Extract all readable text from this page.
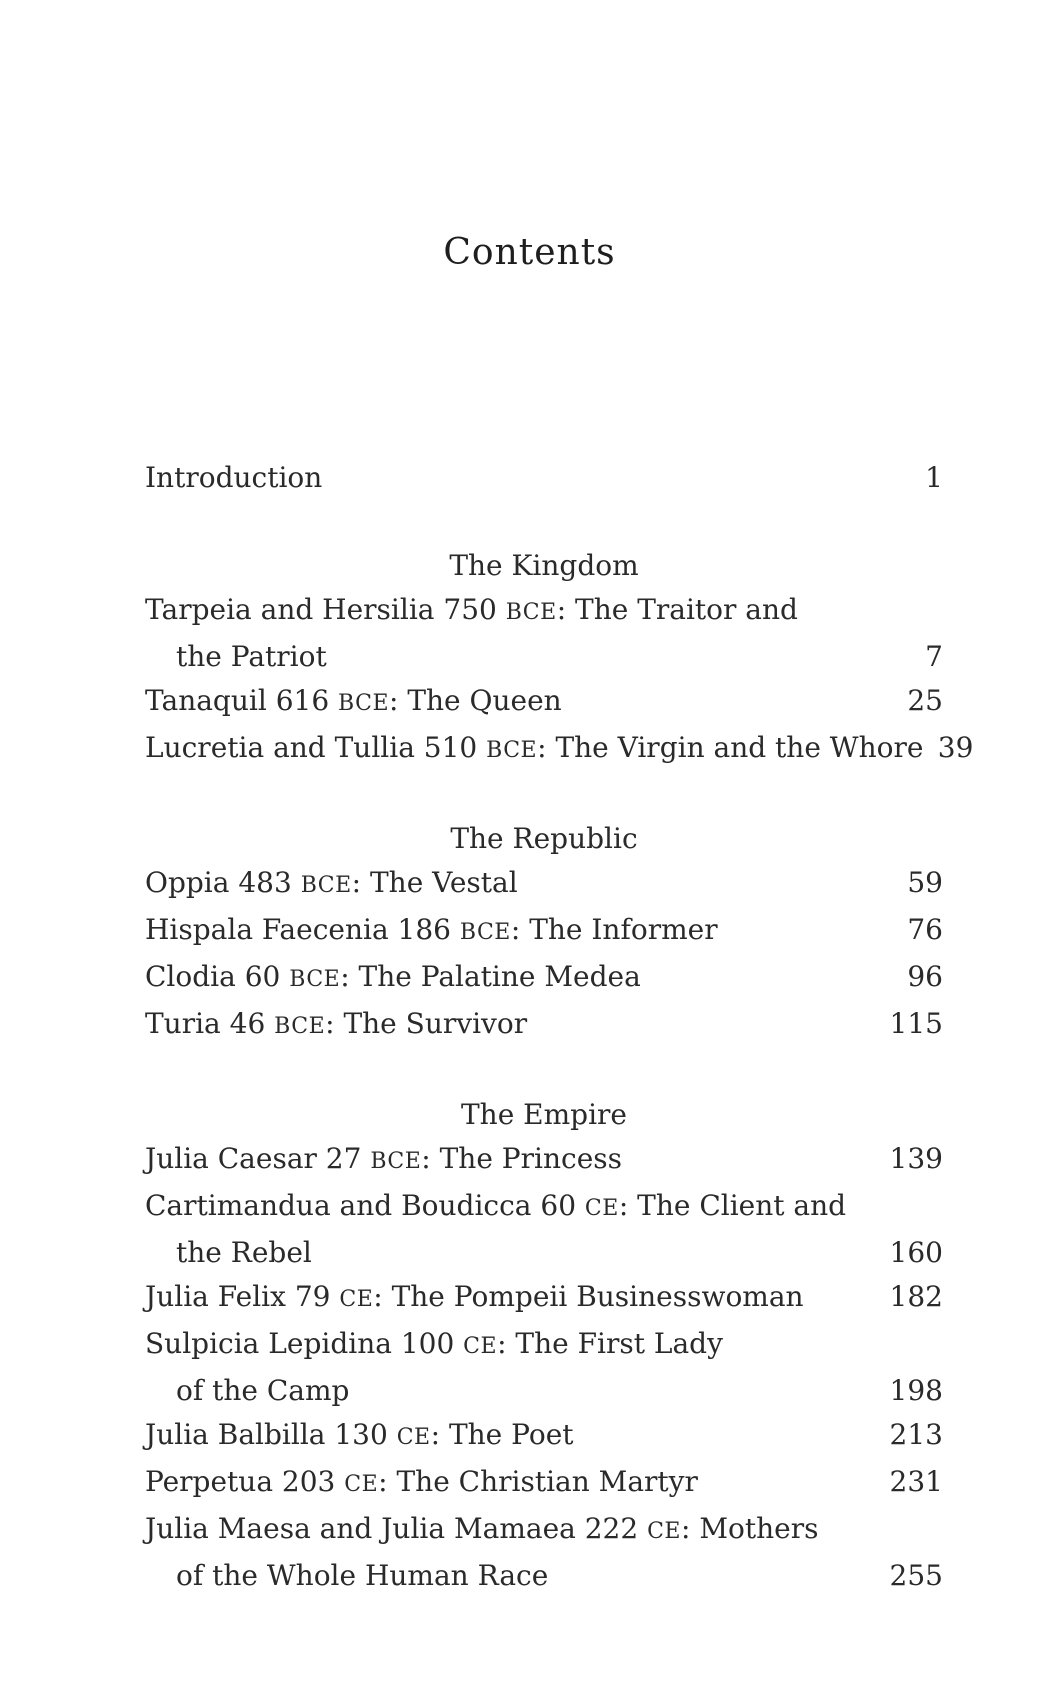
Contents
Introduction	1
The Kingdom
Tarpeia and Hersilia 750 BCE: The Traitor and
the Patriot	7
Tanaquil 616 BCE: The Queen	25
Lucretia and Tullia 510 BCE: The Virgin and the Whore 39
The Republic
Oppia 483 BCE: The Vestal	59
Hispala Faecenia 186 BCE: The Informer	76
Clodia 60 BCE: The Palatine Medea	96
Turia 46 BCE: The Survivor	115
The Empire
Julia Caesar 27 BCE: The Princess	139
Cartimandua and Boudicca 60 CE: The Client and
the Rebel	160
Julia Felix 79 CE: The Pompeii Businesswoman	182
Sulpicia Lepidina 100 CE: The First Lady
of the Camp	198
Julia Balbilla 130 CE: The Poet	213
Perpetua 203 CE: The Christian Martyr	231
Julia Maesa and Julia Mamaea 222 CE: Mothers
of the Whole Human Race	255
